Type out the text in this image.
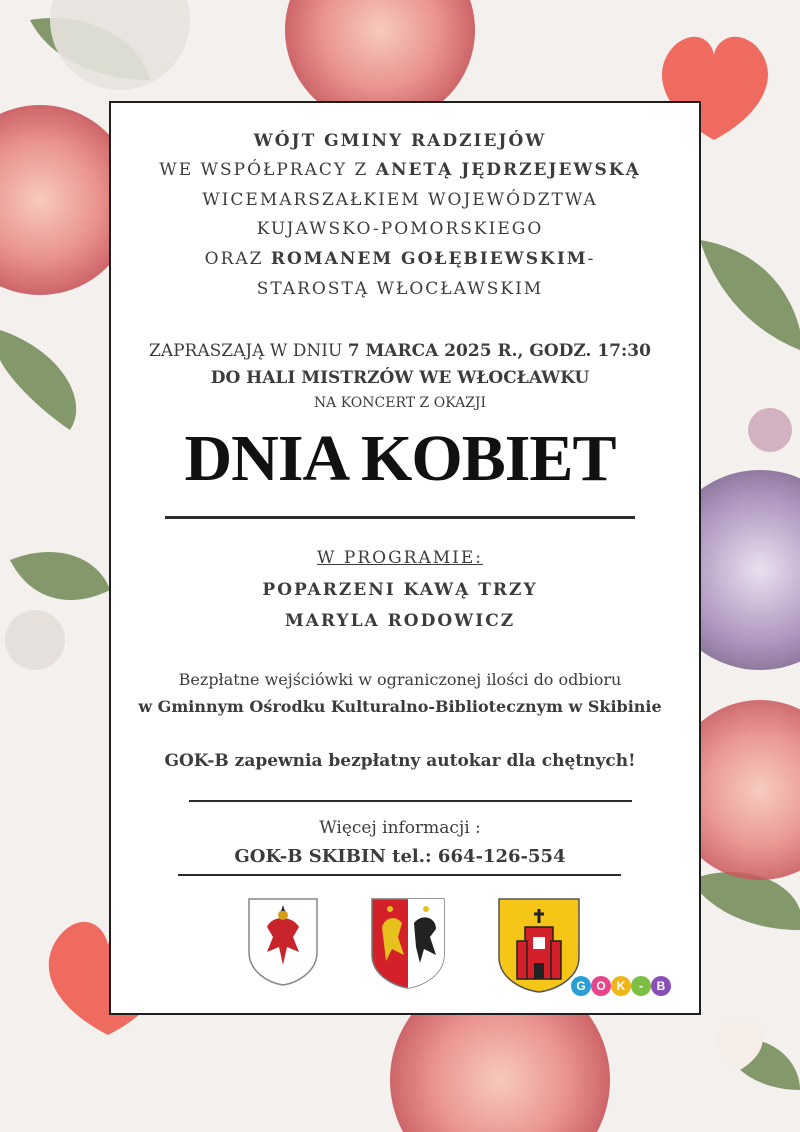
WÓJT GMINY RADZIEJÓW
WE WSPÓŁPRACY Z ANETĄ JĘDRZEJEWSKĄ
WICEMARSZAŁKIEM WOJEWÓDZTWA
KUJAWSKO-POMORSKIEGO
ORAZ ROMANEM GOŁĘBIEWSKIM-
STAROSTĄ WŁOCŁAWSKIM
ZAPRASZAJĄ W DNIU 7 MARCA 2025 R., GODZ. 17:30
DO HALI MISTRZÓW WE WŁOCŁAWKU
NA KONCERT Z OKAZJI
DNIA KOBIET
W PROGRAMIE:
POPARZENI KAWĄ TRZY
MARYLA RODOWICZ
Bezpłatne wejściówki w ograniczonej ilości do odbioru
w Gminnym Ośrodku Kulturalno-Bibliotecznym w Skibinie
GOK-B zapewnia bezpłatny autokar dla chętnych!
Więcej informacji :
GOK-B SKIBIN tel.: 664-126-554
G O K - B
